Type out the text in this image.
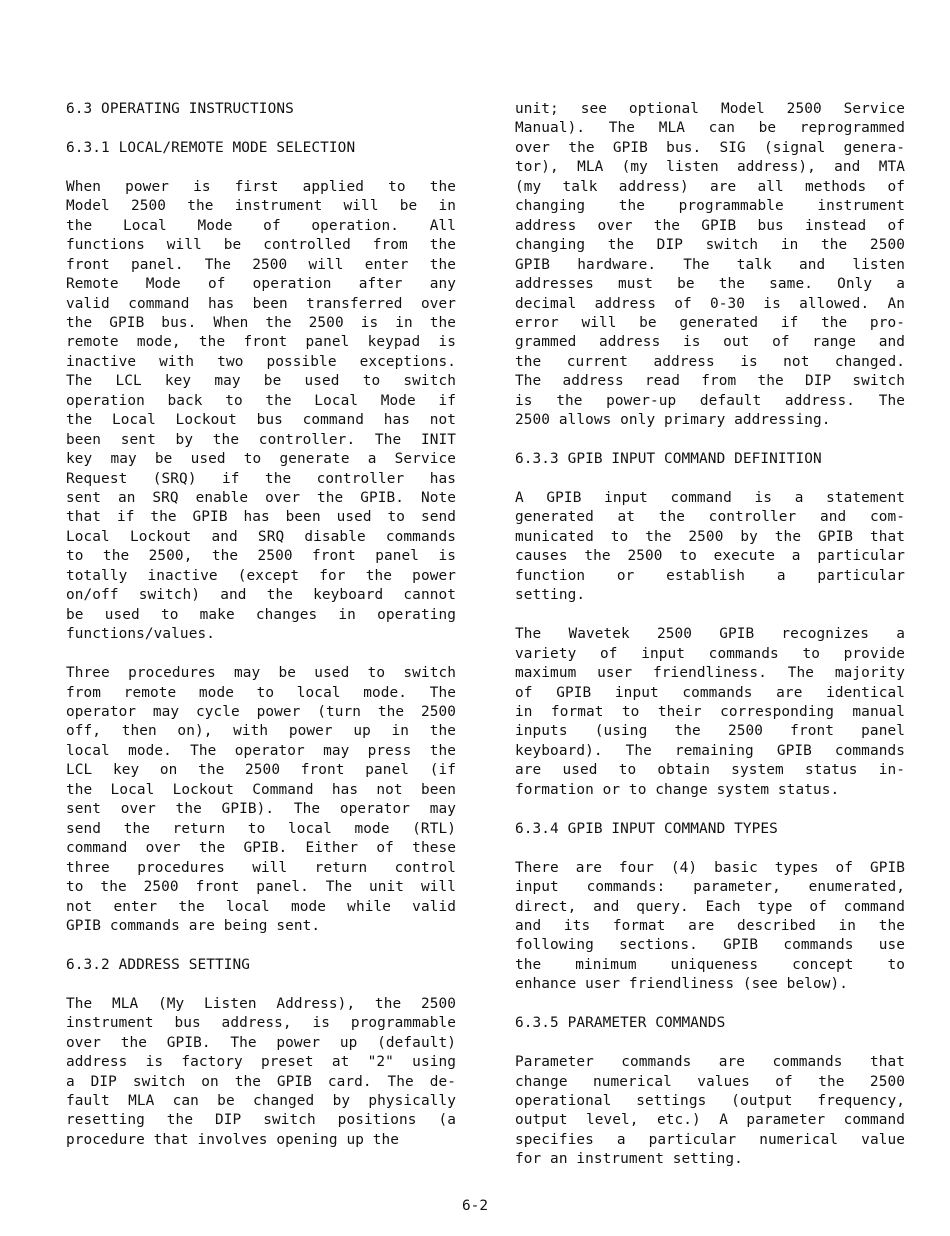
6.3 OPERATING INSTRUCTIONS
6.3.1 LOCAL/REMOTE MODE SELECTION
When power is first applied to the
Model 2500 the instrument will be in
the Local Mode of operation. All
functions will be controlled from the
front panel. The 2500 will enter the
Remote Mode of operation after any
valid command has been transferred over
the GPIB bus. When the 2500 is in the
remote mode, the front panel keypad is
inactive with two possible exceptions.
The LCL key may be used to switch
operation back to the Local Mode if
the Local Lockout bus command has not
been sent by the controller. The INIT
key may be used to generate a Service
Request (SRQ) if the controller has
sent an SRQ enable over the GPIB. Note
that if the GPIB has been used to send
Local Lockout and SRQ disable commands
to the 2500, the 2500 front panel is
totally inactive (except for the power
on/off switch) and the keyboard cannot
be used to make changes in operating
functions/values.
Three procedures may be used to switch
from remote mode to local mode. The
operator may cycle power (turn the 2500
off, then on), with power up in the
local mode. The operator may press the
LCL key on the 2500 front panel (if
the Local Lockout Command has not been
sent over the GPIB). The operator may
send the return to local mode (RTL)
command over the GPIB. Either of these
three procedures will return control
to the 2500 front panel. The unit will
not enter the local mode while valid
GPIB commands are being sent.
6.3.2 ADDRESS SETTING
The MLA (My Listen Address), the 2500
instrument bus address, is programmable
over the GPIB. The power up (default)
address is factory preset at "2" using
a DIP switch on the GPIB card. The de-
fault MLA can be changed by physically
resetting the DIP switch positions (a
procedure that involves opening up the
unit; see optional Model 2500 Service
Manual). The MLA can be reprogrammed
over the GPIB bus. SIG (signal genera-
tor), MLA (my listen address), and MTA
(my talk address) are all methods of
changing the programmable instrument
address over the GPIB bus instead of
changing the DIP switch in the 2500
GPIB hardware. The talk and listen
addresses must be the same. Only a
decimal address of 0-30 is allowed. An
error will be generated if the pro-
grammed address is out of range and
the current address is not changed.
The address read from the DIP switch
is the power-up default address. The
2500 allows only primary addressing.
6.3.3 GPIB INPUT COMMAND DEFINITION
A GPIB input command is a statement
generated at the controller and com-
municated to the 2500 by the GPIB that
causes the 2500 to execute a particular
function or establish a particular
setting.
The Wavetek 2500 GPIB recognizes a
variety of input commands to provide
maximum user friendliness. The majority
of GPIB input commands are identical
in format to their corresponding manual
inputs (using the 2500 front panel
keyboard). The remaining GPIB commands
are used to obtain system status in-
formation or to change system status.
6.3.4 GPIB INPUT COMMAND TYPES
There are four (4) basic types of GPIB
input commands: parameter, enumerated,
direct, and query. Each type of command
and its format are described in the
following sections. GPIB commands use
the minimum uniqueness concept to
enhance user friendliness (see below).
6.3.5 PARAMETER COMMANDS
Parameter commands are commands that
change numerical values of the 2500
operational settings (output frequency,
output level, etc.) A parameter command
specifies a particular numerical value
for an instrument setting.
6-2
